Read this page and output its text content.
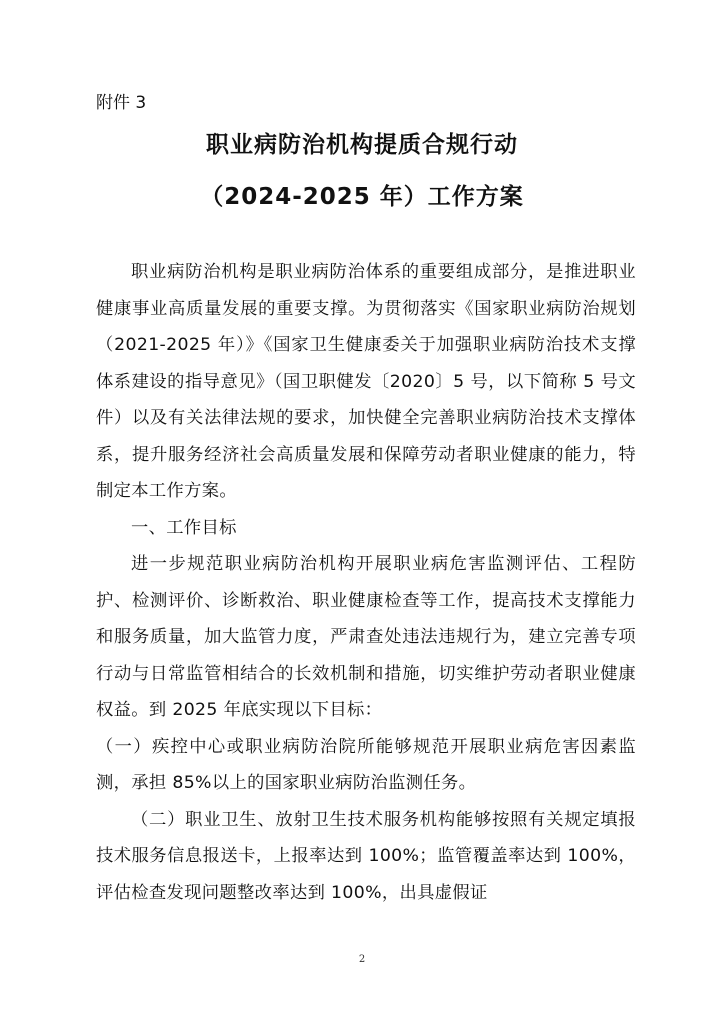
附件 3
职业病防治机构提质合规行动
（2024-2025 年）工作方案

职业病防治机构是职业病防治体系的重要组成部分，是推进职业健康事业高质量发展的重要支撑。为贯彻落实《国家职业病防治规划（2021-2025 年）》《国家卫生健康委关于加强职业病防治技术支撑体系建设的指导意见》（国卫职健发〔2020〕5 号，以下简称 5 号文件）以及有关法律法规的要求，加快健全完善职业病防治技术支撑体系，提升服务经济社会高质量发展和保障劳动者职业健康的能力，特制定本工作方案。

一、工作目标

进一步规范职业病防治机构开展职业病危害监测评估、工程防护、检测评价、诊断救治、职业健康检查等工作，提高技术支撑能力和服务质量，加大监管力度，严肃查处违法违规行为，建立完善专项行动与日常监管相结合的长效机制和措施，切实维护劳动者职业健康权益。到 2025 年底实现以下目标：

（一）疾控中心或职业病防治院所能够规范开展职业病危害因素监测，承担 85%以上的国家职业病防治监测任务。

（二）职业卫生、放射卫生技术服务机构能够按照有关规定填报技术服务信息报送卡，上报率达到 100%；监管覆盖率达到 100%，评估检查发现问题整改率达到 100%，出具虚假证

2
